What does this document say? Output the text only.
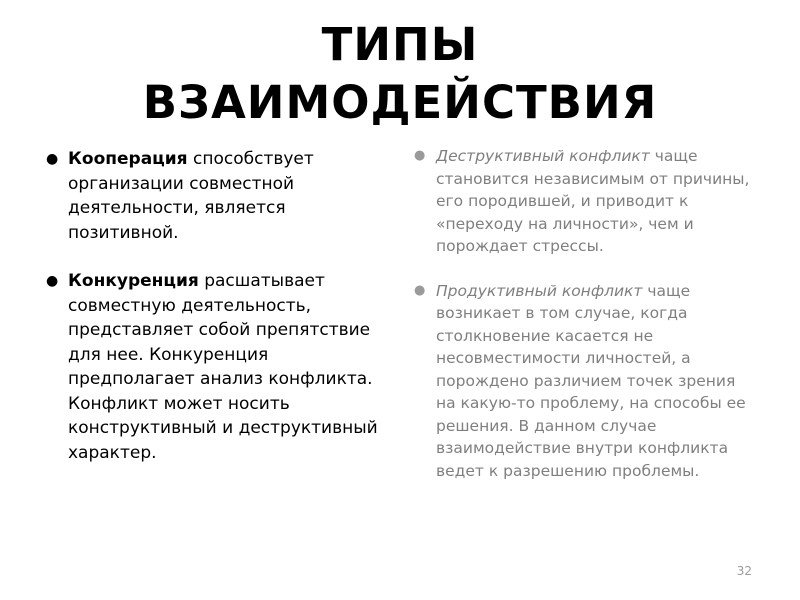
ТИПЫ
ВЗАИМОДЕЙСТВИЯ
● Кооперация способствует организации совместной деятельности, является позитивной.
● Конкуренция расшатывает совместную деятельность, представляет собой препятствие для нее. Конкуренция предполагает анализ конфликта. Конфликт может носить конструктивный и деструктивный характер.
● Деструктивный конфликт чаще становится независимым от причины, его породившей, и приводит к «переходу на личности», чем и порождает стрессы.
● Продуктивный конфликт чаще возникает в том случае, когда столкновение касается не несовместимости личностей, а порождено различием точек зрения на какую-то проблему, на способы ее решения. В данном случае взаимодействие внутри конфликта ведет к разрешению проблемы.
32
